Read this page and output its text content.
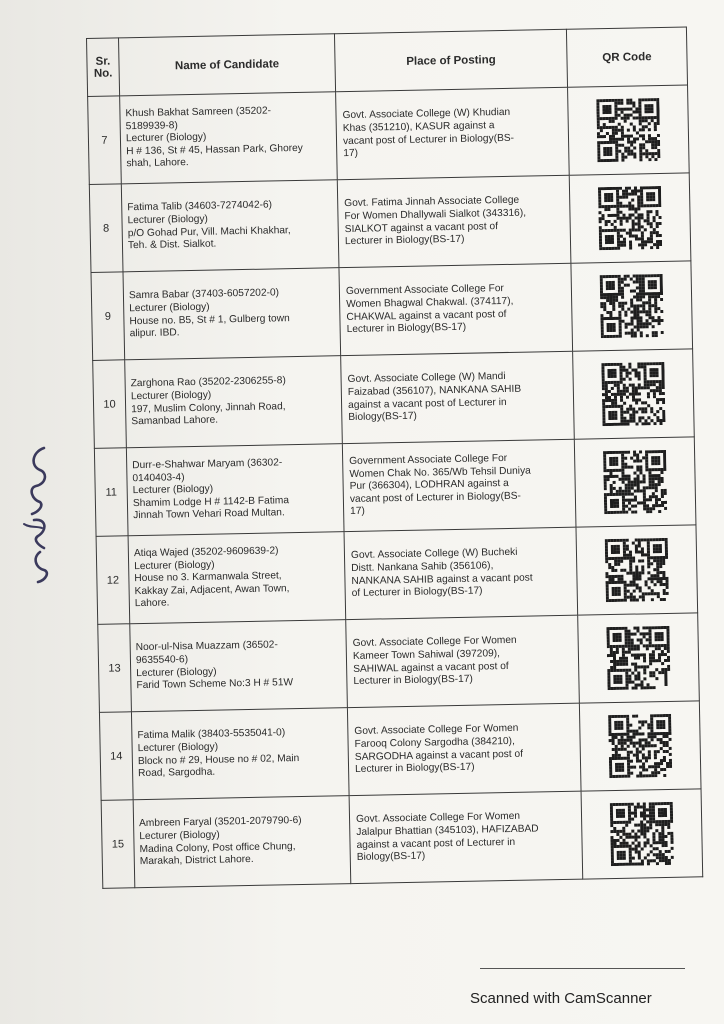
Sr. No.	Name of Candidate	Place of Posting	QR Code
7	Khush Bakhat Samreen (35202-
5189939-8)
Lecturer (Biology)
H # 136, St # 45, Hassan Park, Ghorey
shah, Lahore.	Govt. Associate College (W) Khudian
Khas (351210), KASUR against a
vacant post of Lecturer in Biology(BS-
17)

8	Fatima Talib (34603-7274042-6)
Lecturer (Biology)
p/O Gohad Pur, Vill. Machi Khakhar,
Teh. & Dist. Sialkot.	Govt. Fatima Jinnah Associate College
For Women Dhallywali Sialkot (343316),
SIALKOT against a vacant post of
Lecturer in Biology(BS-17)

9	Samra Babar (37403-6057202-0)
Lecturer (Biology)
House no. B5, St # 1, Gulberg town
alipur. IBD.	Government Associate College For
Women Bhagwal Chakwal. (374117),
CHAKWAL against a vacant post of
Lecturer in Biology(BS-17)

10	Zarghona Rao (35202-2306255-8)
Lecturer (Biology)
197, Muslim Colony, Jinnah Road,
Samanbad Lahore.	Govt. Associate College (W) Mandi
Faizabad (356107), NANKANA SAHIB
against a vacant post of Lecturer in
Biology(BS-17)

11	Durr-e-Shahwar Maryam (36302-
0140403-4)
Lecturer (Biology)
Shamim Lodge H # 1142-B Fatima
Jinnah Town Vehari Road Multan.	Government Associate College For
Women Chak No. 365/Wb Tehsil Duniya
Pur (366304), LODHRAN against a
vacant post of Lecturer in Biology(BS-
17)

12	Atiqa Wajed (35202-9609639-2)
Lecturer (Biology)
House no 3. Karmanwala Street,
Kakkay Zai, Adjacent, Awan Town,
Lahore.	Govt. Associate College (W) Bucheki
Distt. Nankana Sahib (356106),
NANKANA SAHIB against a vacant post
of Lecturer in Biology(BS-17)

13	Noor-ul-Nisa Muazzam (36502-
9635540-6)
Lecturer (Biology)
Farid Town Scheme No:3 H # 51W	Govt. Associate College For Women
Kameer Town Sahiwal (397209),
SAHIWAL against a vacant post of
Lecturer in Biology(BS-17)

14	Fatima Malik (38403-5535041-0)
Lecturer (Biology)
Block no # 29, House no # 02, Main
Road, Sargodha.	Govt. Associate College For Women
Farooq Colony Sargodha (384210),
SARGODHA against a vacant post of
Lecturer in Biology(BS-17)

15	Ambreen Faryal (35201-2079790-6)
Lecturer (Biology)
Madina Colony, Post office Chung,
Marakah, District Lahore.	Govt. Associate College For Women
Jalalpur Bhattian (345103), HAFIZABAD
against a vacant post of Lecturer in
Biology(BS-17)

Scanned with CamScanner
